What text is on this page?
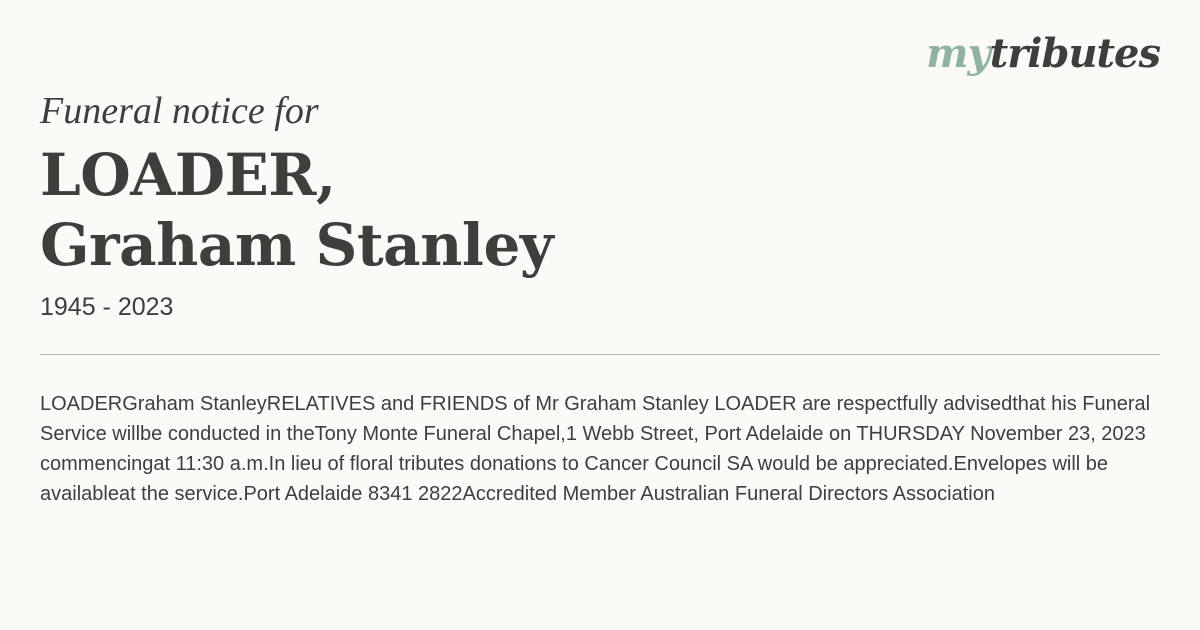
mytributes
Funeral notice for
LOADER,
Graham Stanley
1945 - 2023

LOADERGraham StanleyRELATIVES and FRIENDS of Mr Graham Stanley LOADER are respectfully advisedthat his Funeral Service willbe conducted in theTony Monte Funeral Chapel,1 Webb Street, Port Adelaide on THURSDAY November 23, 2023 commencingat 11:30 a.m.In lieu of floral tributes donations to Cancer Council SA would be appreciated.Envelopes will be availableat the service.Port Adelaide 8341 2822Accredited Member Australian Funeral Directors Association
